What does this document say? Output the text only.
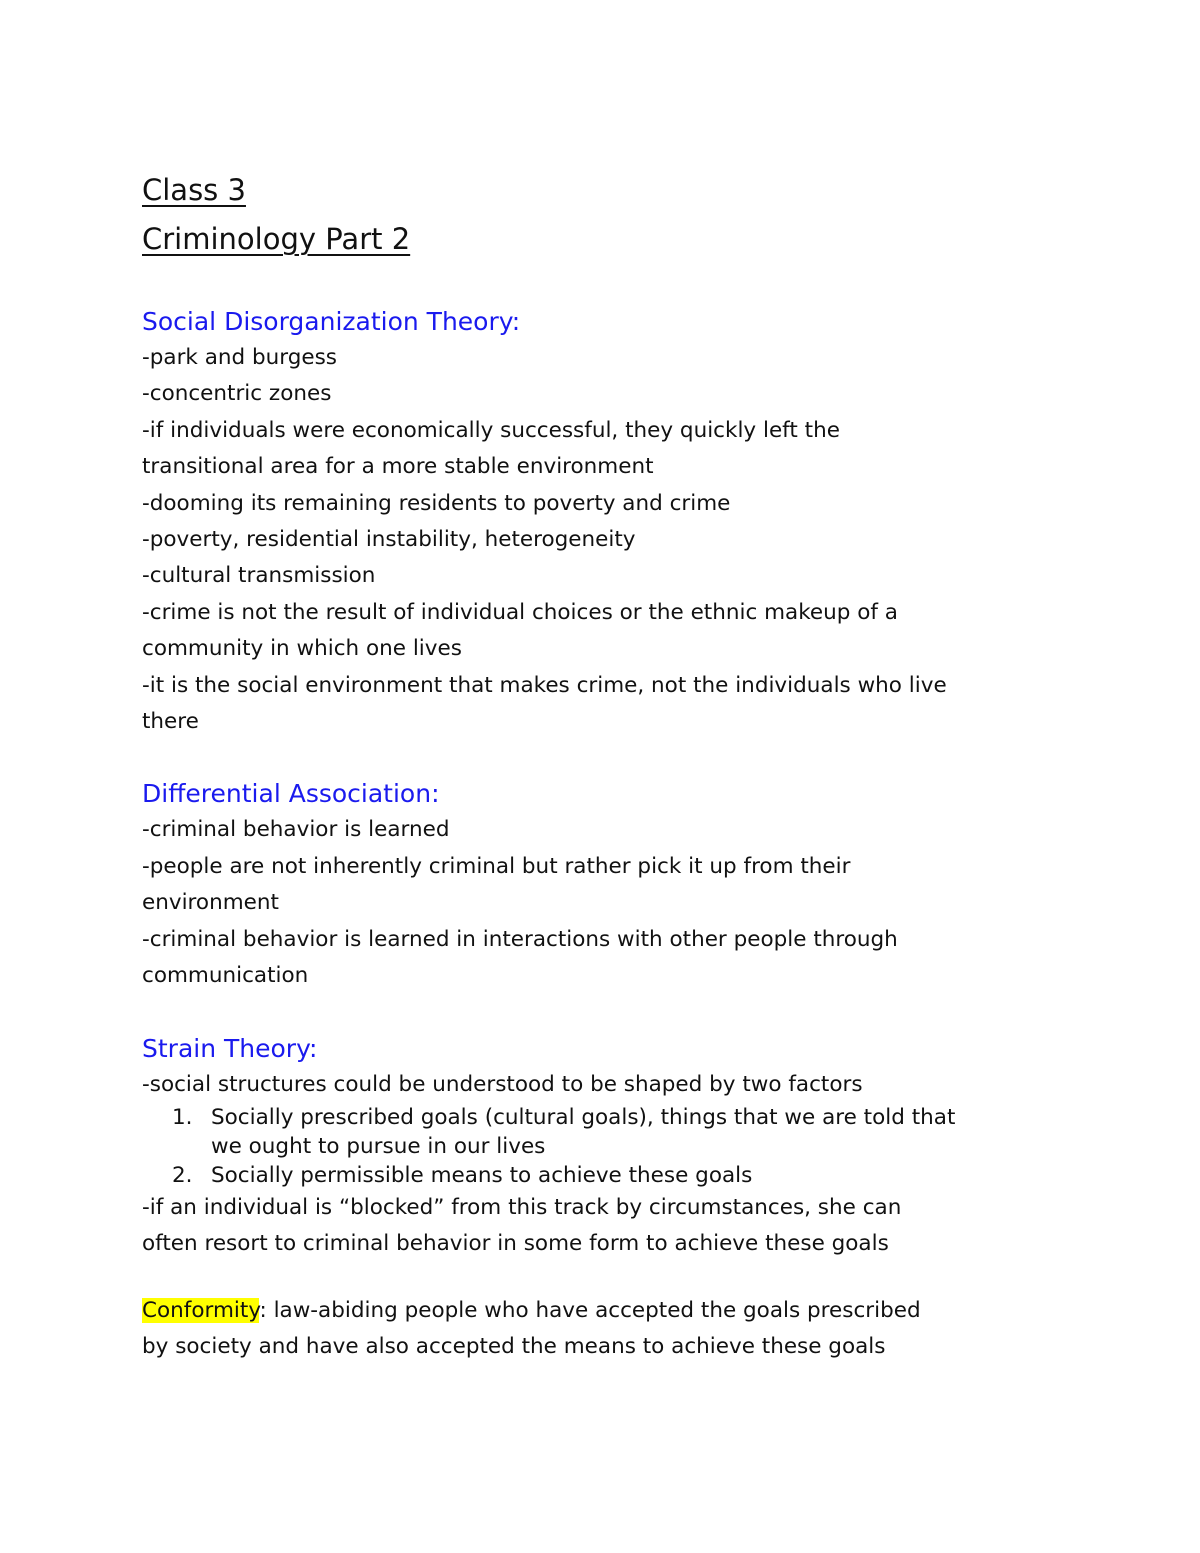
Class 3

Criminology Part 2

Social Disorganization Theory:

-park and burgess

-concentric zones

-if individuals were economically successful, they quickly left the

transitional area for a more stable environment

-dooming its remaining residents to poverty and crime

-poverty, residential instability, heterogeneity

-cultural transmission

-crime is not the result of individual choices or the ethnic makeup of a

community in which one lives

-it is the social environment that makes crime, not the individuals who live

there

Differential Association:

-criminal behavior is learned

-people are not inherently criminal but rather pick it up from their

environment

-criminal behavior is learned in interactions with other people through

communication

Strain Theory:

-social structures could be understood to be shaped by two factors

1. Socially prescribed goals (cultural goals), things that we are told that
we ought to pursue in our lives
2. Socially permissible means to achieve these goals

-if an individual is “blocked” from this track by circumstances, she can

often resort to criminal behavior in some form to achieve these goals

Conformity: law-abiding people who have accepted the goals prescribed

by society and have also accepted the means to achieve these goals
